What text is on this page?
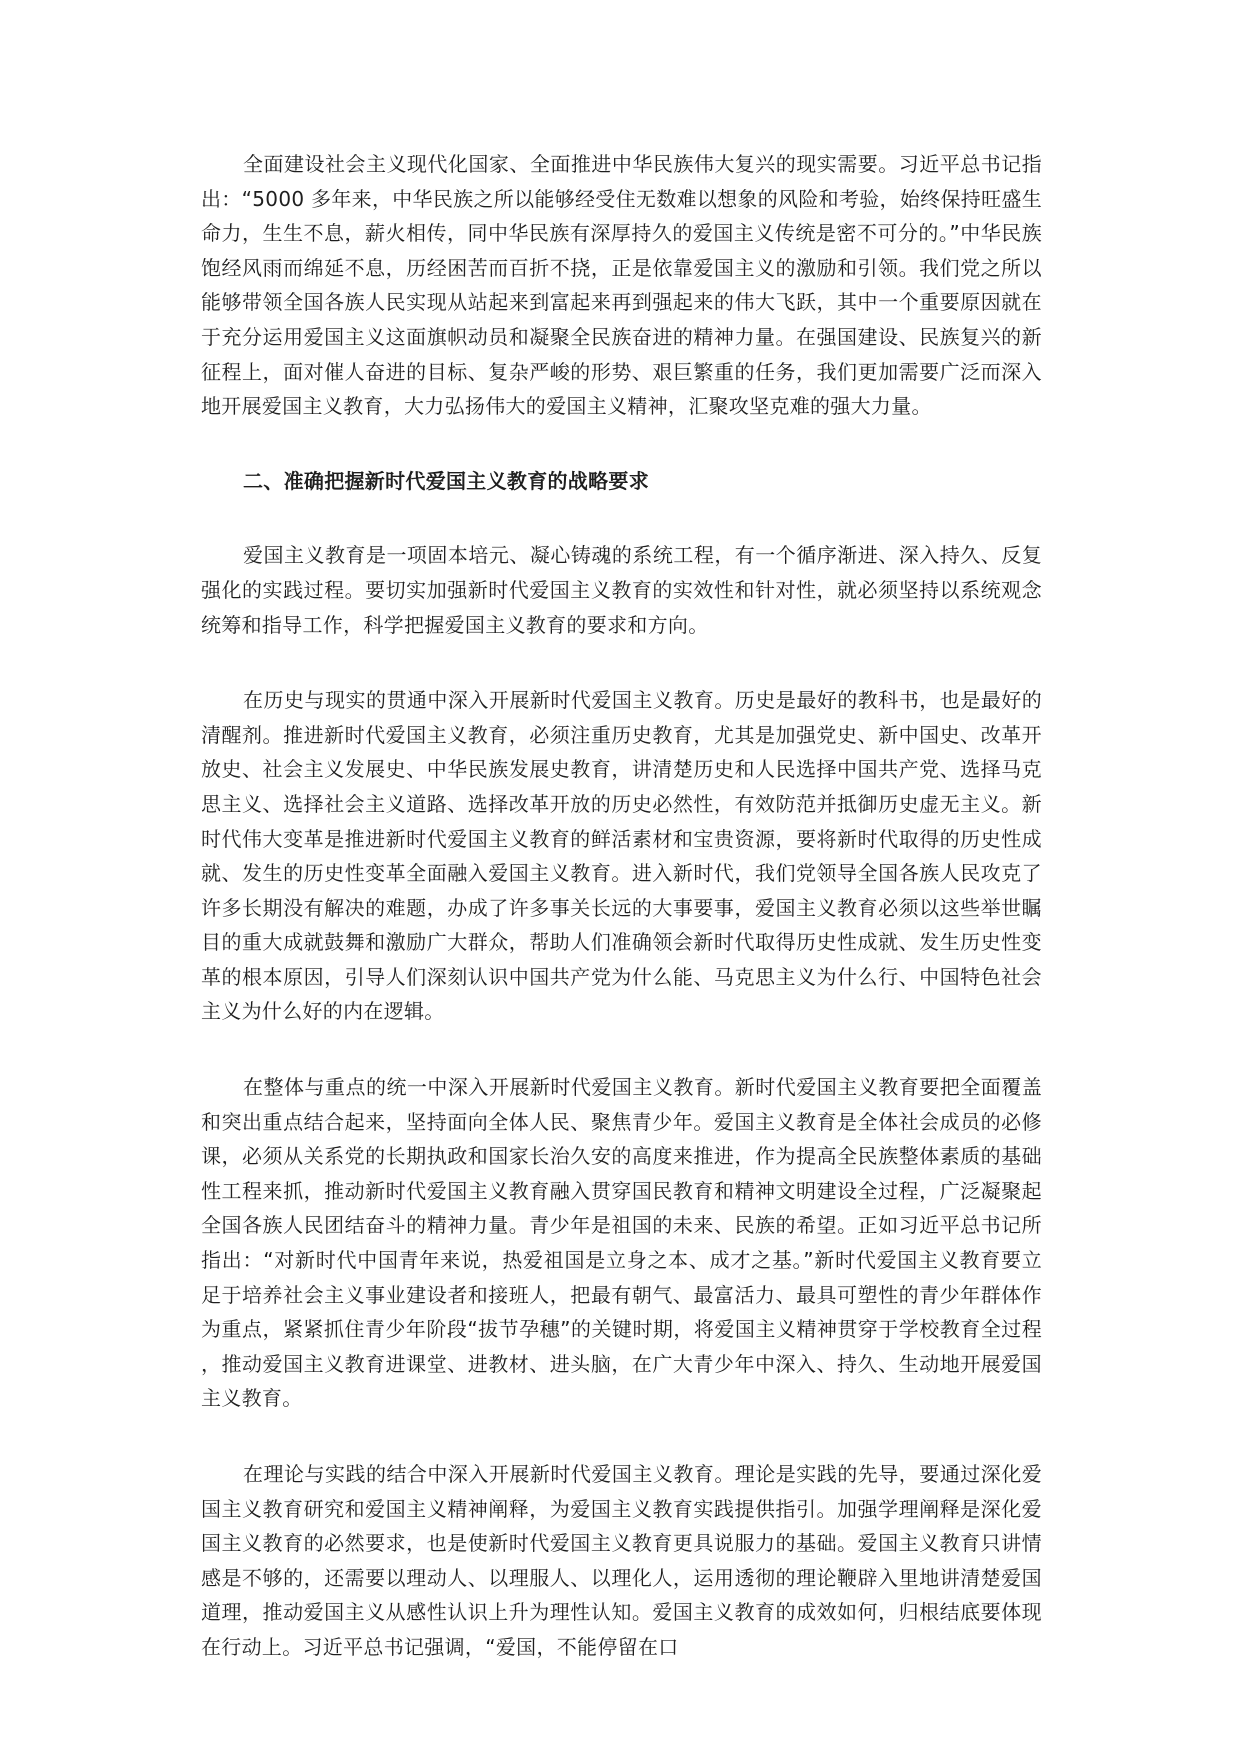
全面建设社会主义现代化国家、全面推进中华民族伟大复兴的现实需要。习近平总书记指出：“5000 多年来，中华民族之所以能够经受住无数难以想象的风险和考验，始终保持旺盛生命力，生生不息，薪火相传，同中华民族有深厚持久的爱国主义传统是密不可分的。”中华民族饱经风雨而绵延不息，历经困苦而百折不挠，正是依靠爱国主义的激励和引领。我们党之所以能够带领全国各族人民实现从站起来到富起来再到强起来的伟大飞跃，其中一个重要原因就在于充分运用爱国主义这面旗帜动员和凝聚全民族奋进的精神力量。在强国建设、民族复兴的新征程上，面对催人奋进的目标、复杂严峻的形势、艰巨繁重的任务，我们更加需要广泛而深入地开展爱国主义教育，大力弘扬伟大的爱国主义精神，汇聚攻坚克难的强大力量。

二、准确把握新时代爱国主义教育的战略要求

爱国主义教育是一项固本培元、凝心铸魂的系统工程，有一个循序渐进、深入持久、反复强化的实践过程。要切实加强新时代爱国主义教育的实效性和针对性，就必须坚持以系统观念统筹和指导工作，科学把握爱国主义教育的要求和方向。

在历史与现实的贯通中深入开展新时代爱国主义教育。历史是最好的教科书，也是最好的清醒剂。推进新时代爱国主义教育，必须注重历史教育，尤其是加强党史、新中国史、改革开放史、社会主义发展史、中华民族发展史教育，讲清楚历史和人民选择中国共产党、选择马克思主义、选择社会主义道路、选择改革开放的历史必然性，有效防范并抵御历史虚无主义。新时代伟大变革是推进新时代爱国主义教育的鲜活素材和宝贵资源，要将新时代取得的历史性成就、发生的历史性变革全面融入爱国主义教育。进入新时代，我们党领导全国各族人民攻克了许多长期没有解决的难题，办成了许多事关长远的大事要事，爱国主义教育必须以这些举世瞩目的重大成就鼓舞和激励广大群众，帮助人们准确领会新时代取得历史性成就、发生历史性变革的根本原因，引导人们深刻认识中国共产党为什么能、马克思主义为什么行、中国特色社会主义为什么好的内在逻辑。

在整体与重点的统一中深入开展新时代爱国主义教育。新时代爱国主义教育要把全面覆盖和突出重点结合起来，坚持面向全体人民、聚焦青少年。爱国主义教育是全体社会成员的必修课，必须从关系党的长期执政和国家长治久安的高度来推进，作为提高全民族整体素质的基础性工程来抓，推动新时代爱国主义教育融入贯穿国民教育和精神文明建设全过程，广泛凝聚起全国各族人民团结奋斗的精神力量。青少年是祖国的未来、民族的希望。正如习近平总书记所指出：“对新时代中国青年来说，热爱祖国是立身之本、成才之基。”新时代爱国主义教育要立足于培养社会主义事业建设者和接班人，把最有朝气、最富活力、最具可塑性的青少年群体作为重点，紧紧抓住青少年阶段“拔节孕穗”的关键时期，将爱国主义精神贯穿于学校教育全过程，推动爱国主义教育进课堂、进教材、进头脑，在广大青少年中深入、持久、生动地开展爱国主义教育。

在理论与实践的结合中深入开展新时代爱国主义教育。理论是实践的先导，要通过深化爱国主义教育研究和爱国主义精神阐释，为爱国主义教育实践提供指引。加强学理阐释是深化爱国主义教育的必然要求，也是使新时代爱国主义教育更具说服力的基础。爱国主义教育只讲情感是不够的，还需要以理动人、以理服人、以理化人，运用透彻的理论鞭辟入里地讲清楚爱国道理，推动爱国主义从感性认识上升为理性认知。爱国主义教育的成效如何，归根结底要体现在行动上。习近平总书记强调，“爱国，不能停留在口
